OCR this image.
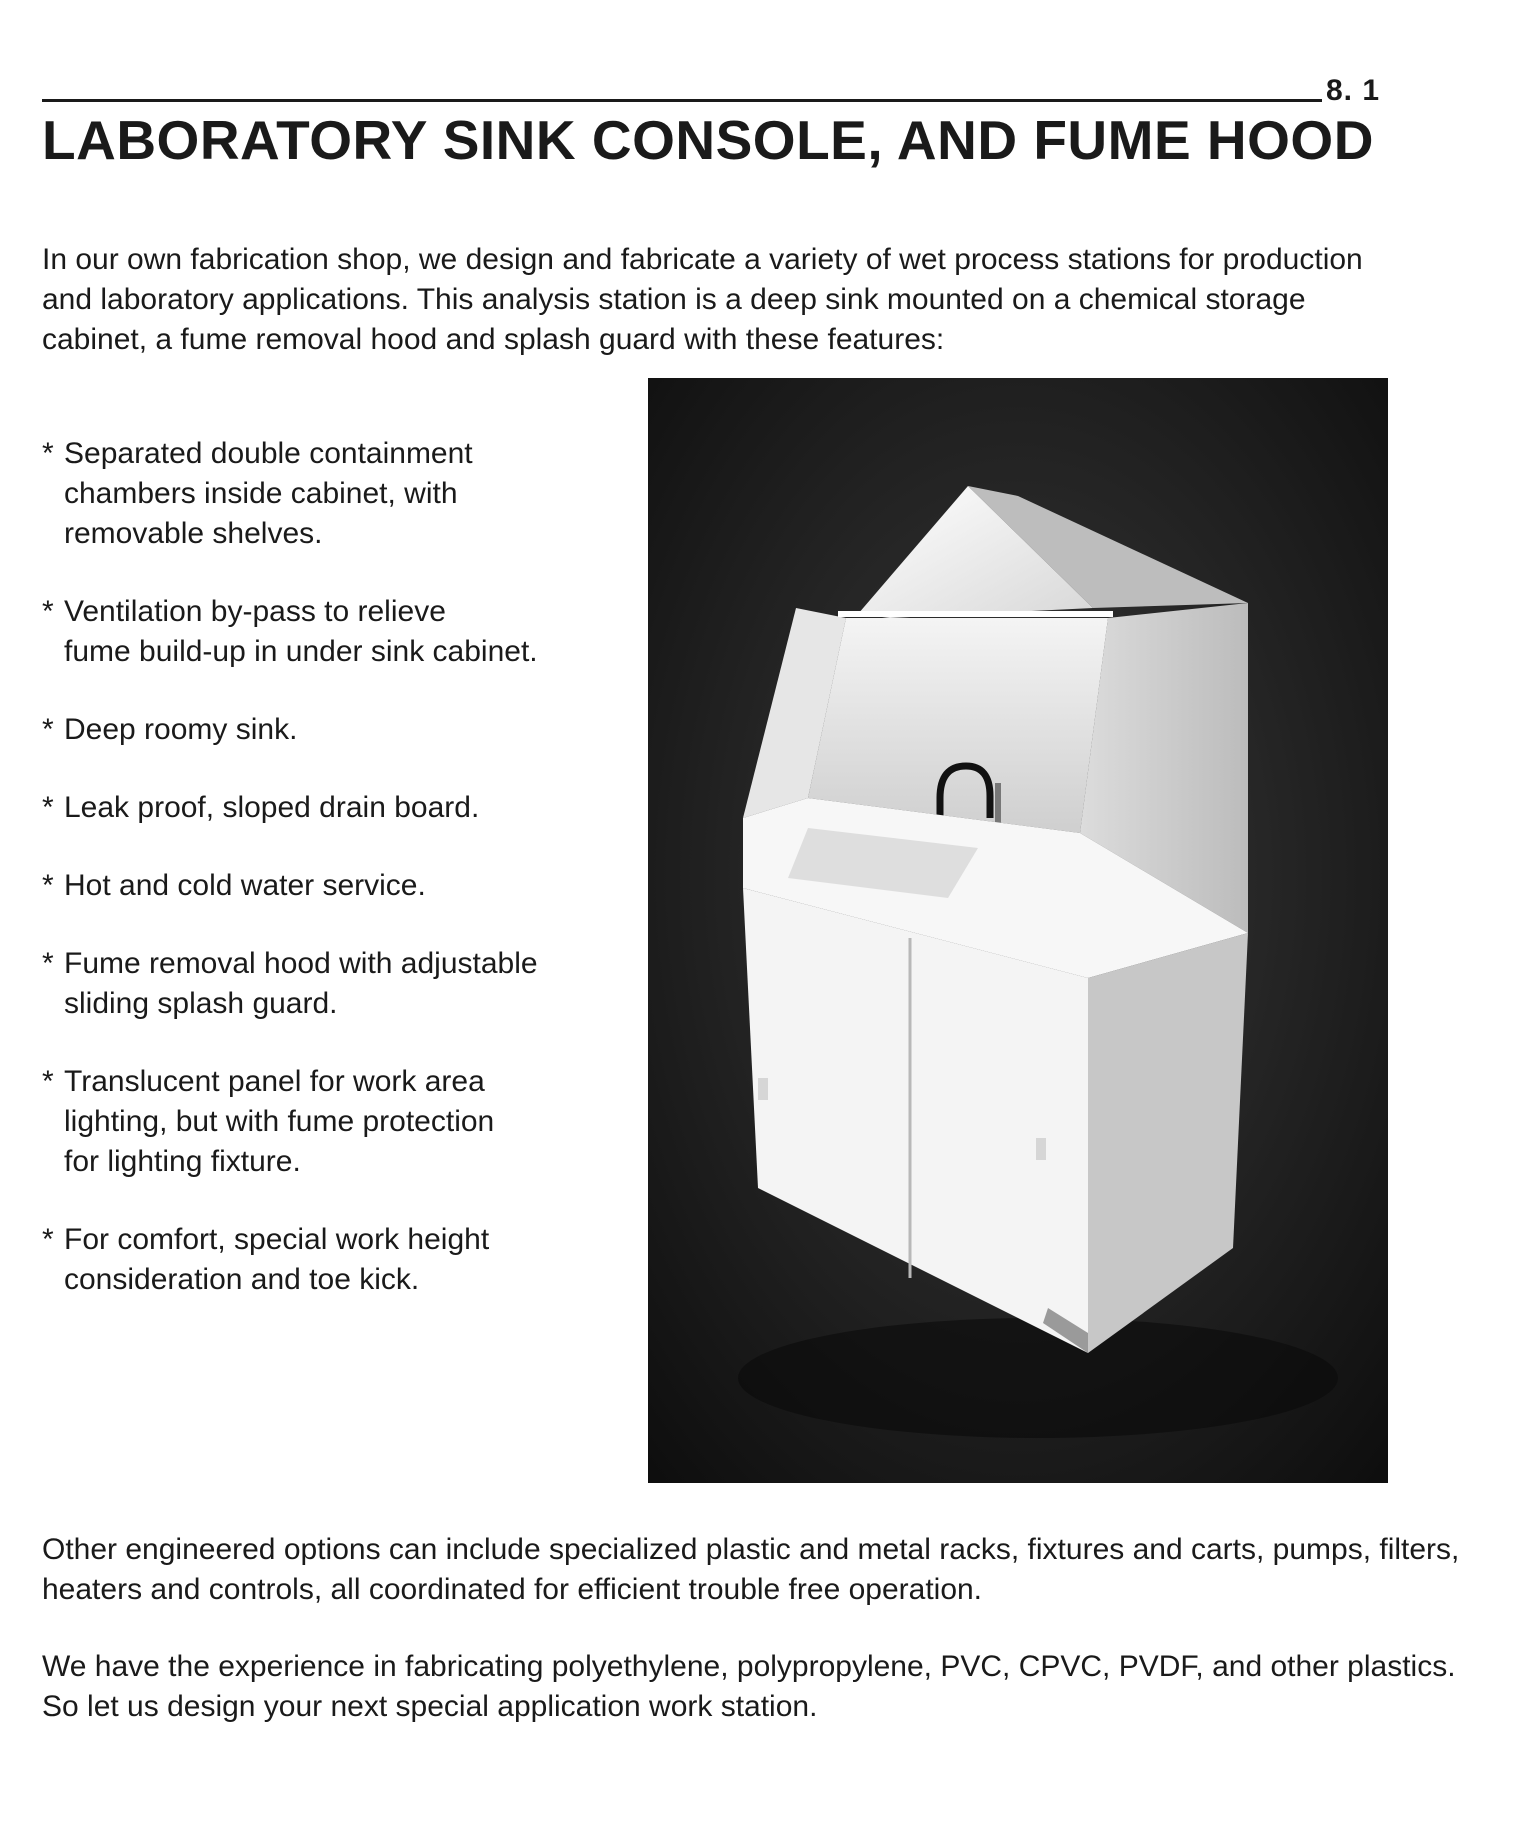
8. 1
LABORATORY SINK CONSOLE, AND FUME HOOD

In our own fabrication shop, we design and fabricate a variety of wet process stations for production and laboratory applications. This analysis station is a deep sink mounted on a chemical storage cabinet, a fume removal hood and splash guard with these features:

* Separated double containment
chambers inside cabinet, with
removable shelves.
* Ventilation by-pass to relieve
fume build-up in under sink cabinet.
* Deep roomy sink.
* Leak proof, sloped drain board.
* Hot and cold water service.
* Fume removal hood with adjustable
sliding splash guard.
* Translucent panel for work area
lighting, but with fume protection
for lighting fixture.
* For comfort, special work height
consideration and toe kick.

Other engineered options can include specialized plastic and metal racks, fixtures and carts, pumps, filters, heaters and controls, all coordinated for efficient trouble free operation.

We have the experience in fabricating polyethylene, polypropylene, PVC, CPVC, PVDF, and other plastics. So let us design your next special application work station.
